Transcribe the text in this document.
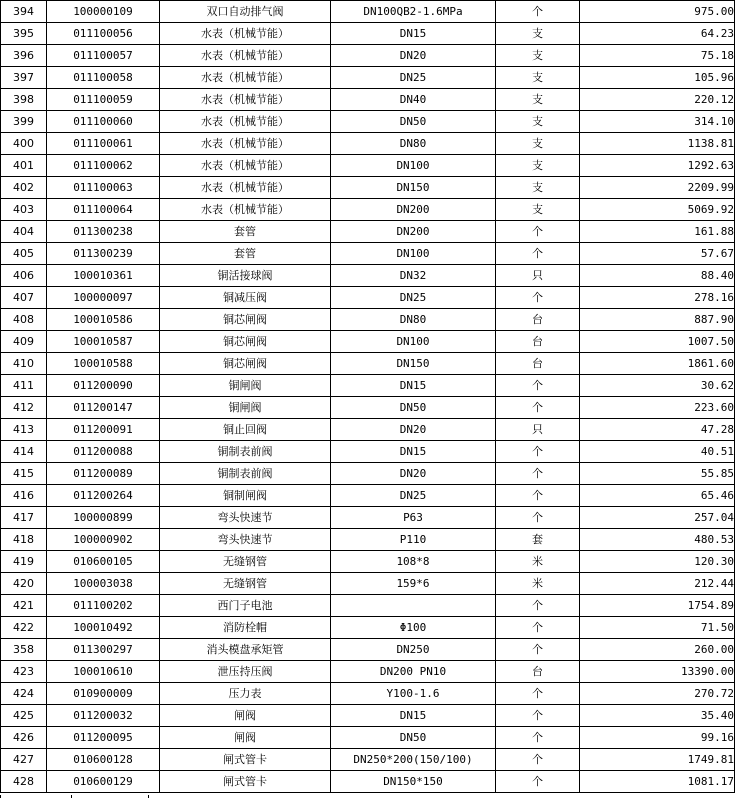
394	100000109	双口自动排气阀	DN100QB2-1.6MPa	个	975.00
395	011100056	水表（机械节能）	DN15	支	64.23
396	011100057	水表（机械节能）	DN20	支	75.18
397	011100058	水表（机械节能）	DN25	支	105.96
398	011100059	水表（机械节能）	DN40	支	220.12
399	011100060	水表（机械节能）	DN50	支	314.10
400	011100061	水表（机械节能）	DN80	支	1138.81
401	011100062	水表（机械节能）	DN100	支	1292.63
402	011100063	水表（机械节能）	DN150	支	2209.99
403	011100064	水表（机械节能）	DN200	支	5069.92
404	011300238	套管	DN200	个	161.88
405	011300239	套管	DN100	个	57.67
406	100010361	铜活接球阀	DN32	只	88.40
407	100000097	铜减压阀	DN25	个	278.16
408	100010586	铜芯闸阀	DN80	台	887.90
409	100010587	铜芯闸阀	DN100	台	1007.50
410	100010588	铜芯闸阀	DN150	台	1861.60
411	011200090	铜闸阀	DN15	个	30.62
412	011200147	铜闸阀	DN50	个	223.60
413	011200091	铜止回阀	DN20	只	47.28
414	011200088	铜制表前阀	DN15	个	40.51
415	011200089	铜制表前阀	DN20	个	55.85
416	011200264	铜制闸阀	DN25	个	65.46
417	100000899	弯头快速节	P63	个	257.04
418	100000902	弯头快速节	P110	套	480.53
419	010600105	无缝钢管	108*8	米	120.30
420	100003038	无缝钢管	159*6	米	212.44
421	011100202	西门子电池		个	1754.89
422	100010492	消防栓帽	Φ100	个	71.50
358	011300297	消头模盘承矩管	DN250	个	260.00
423	100010610	泄压持压阀	DN200 PN10	台	13390.00
424	010900009	压力表	Y100-1.6	个	270.72
425	011200032	闸阀	DN15	个	35.40
426	011200095	闸阀	DN50	个	99.16
427	010600128	闸式管卡	DN250*200(150/100)	个	1749.81
428	010600129	闸式管卡	DN150*150	个	1081.17
